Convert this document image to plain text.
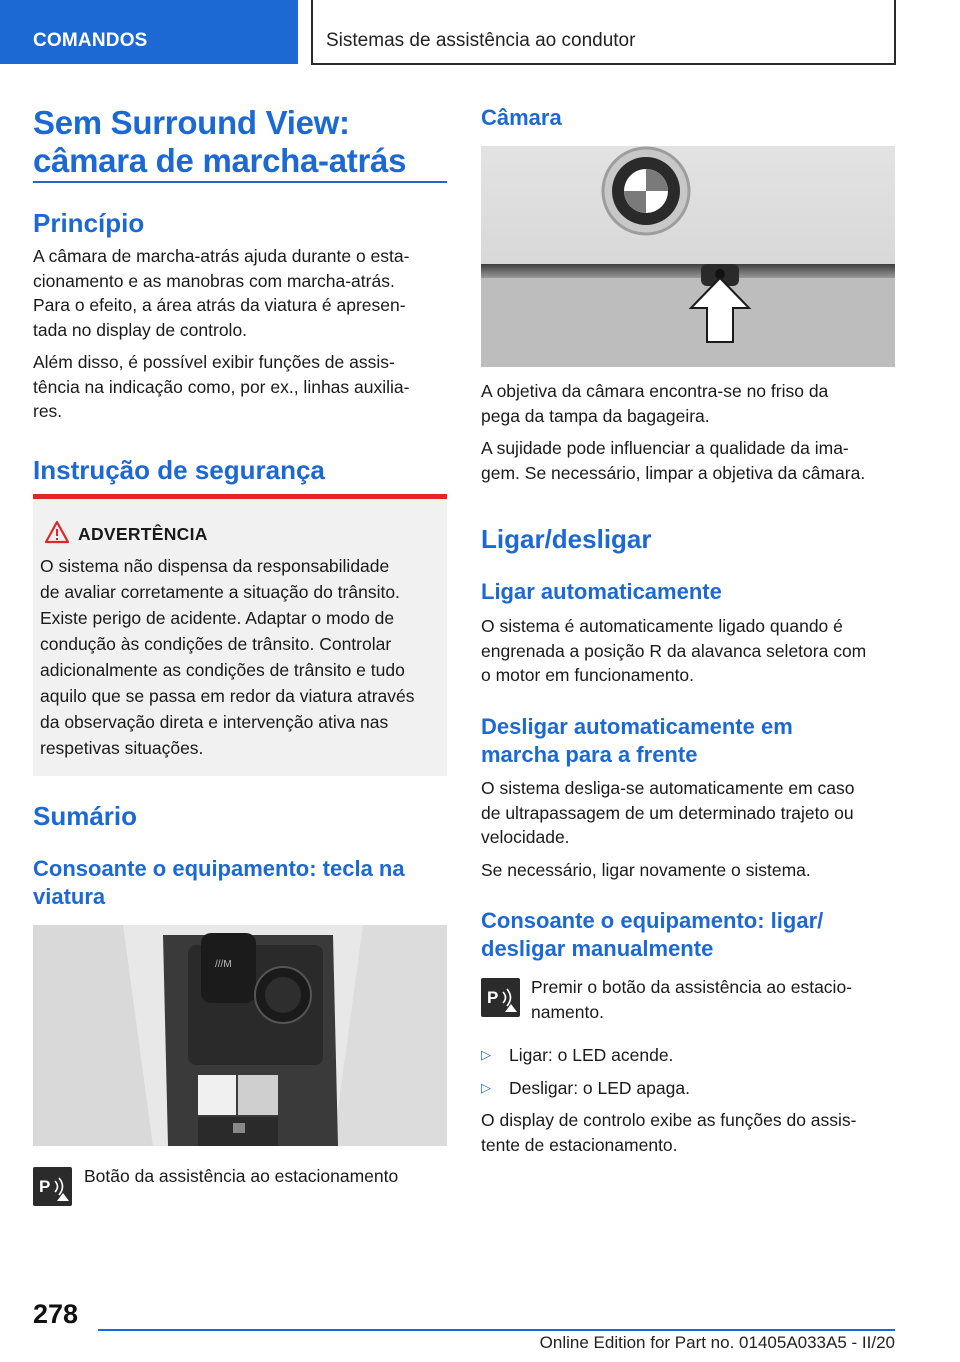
COMANDOS	Sistemas de assistência ao condutor
Sem Surround View:
câmara de marcha-atrás
Princípio
A câmara de marcha-atrás ajuda durante o esta-
cionamento e as manobras com marcha-atrás.
Para o efeito, a área atrás da viatura é apresen-
tada no display de controlo.
Além disso, é possível exibir funções de assis-
tência na indicação como, por ex., linhas auxilia-
res.
Instrução de segurança
ADVERTÊNCIA
O sistema não dispensa da responsabilidade
de avaliar corretamente a situação do trânsito.
Existe perigo de acidente. Adaptar o modo de
condução às condições de trânsito. Controlar
adicionalmente as condições de trânsito e tudo
aquilo que se passa em redor da viatura através
da observação direta e intervenção ativa nas
respetivas situações.
Sumário
Consoante o equipamento: tecla na
viatura
///M
P
Botão da assistência ao estacionamento
Câmara
A objetiva da câmara encontra-se no friso da
pega da tampa da bagageira.
A sujidade pode influenciar a qualidade da ima-
gem. Se necessário, limpar a objetiva da câmara.
Ligar/desligar
Ligar automaticamente
O sistema é automaticamente ligado quando é
engrenada a posição R da alavanca seletora com
o motor em funcionamento.
Desligar automaticamente em
marcha para a frente
O sistema desliga-se automaticamente em caso
de ultrapassagem de um determinado trajeto ou
velocidade.
Se necessário, ligar novamente o sistema.
Consoante o equipamento: ligar/
desligar manualmente
P
Premir o botão da assistência ao estacio-
namento.
▷ Ligar: o LED acende.
▷ Desligar: o LED apaga.
O display de controlo exibe as funções do assis-
tente de estacionamento.
278
Online Edition for Part no. 01405A033A5 - II/20
